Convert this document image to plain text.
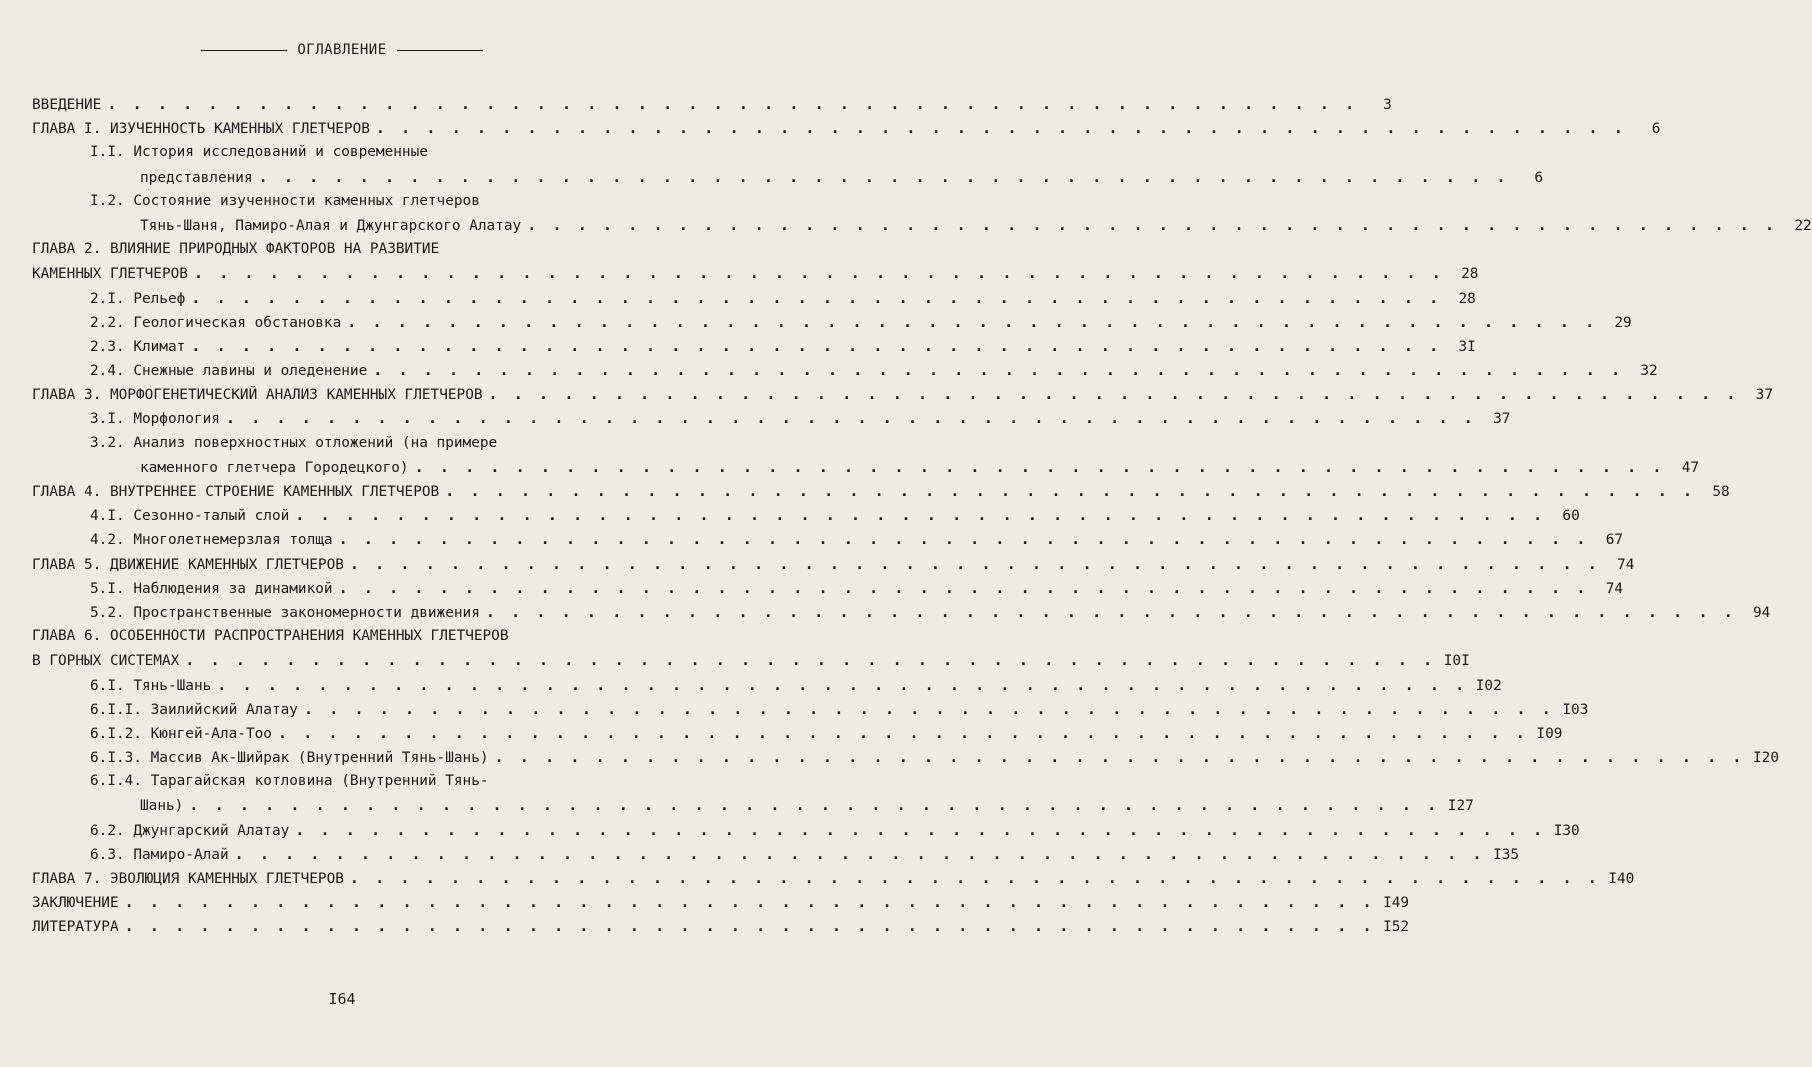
ОГЛАВЛЕНИЕ
ВВЕДЕНИЕ . . . . . . . . . . . . . . . . . . . . . . . . . . . . . . . . . . . . . . . . . . . . . . . . . .	3
ГЛАВА I. ИЗУЧЕННОСТЬ КАМЕННЫХ ГЛЕТЧЕРОВ . . . . . . . . . . . . . . . . . . . . . . . . . . . . . . . . . . . . . . . . . . . . . . . . . .	6
I.I. История исследований и современные
представления . . . . . . . . . . . . . . . . . . . . . . . . . . . . . . . . . . . . . . . . . . . . . . . . . .	6
I.2. Состояние изученности каменных глетчеров
Тянь-Шаня, Памиро-Алая и Джунгарского Алатау . . . . . . . . . . . . . . . . . . . . . . . . . . . . . . . . . . . . . . . . . . . . . . . . . .	22
ГЛАВА 2. ВЛИЯНИЕ ПРИРОДНЫХ ФАКТОРОВ НА РАЗВИТИЕ
КАМЕННЫХ ГЛЕТЧЕРОВ . . . . . . . . . . . . . . . . . . . . . . . . . . . . . . . . . . . . . . . . . . . . . . . . . .	28
2.I. Рельеф . . . . . . . . . . . . . . . . . . . . . . . . . . . . . . . . . . . . . . . . . . . . . . . . . .	28
2.2. Геологическая обстановка . . . . . . . . . . . . . . . . . . . . . . . . . . . . . . . . . . . . . . . . . . . . . . . . . .	29
2.3. Климат . . . . . . . . . . . . . . . . . . . . . . . . . . . . . . . . . . . . . . . . . . . . . . . . . .	3I
2.4. Снежные лавины и оледенение . . . . . . . . . . . . . . . . . . . . . . . . . . . . . . . . . . . . . . . . . . . . . . . . . .	32
ГЛАВА 3. МОРФОГЕНЕТИЧЕСКИЙ АНАЛИЗ КАМЕННЫХ ГЛЕТЧЕРОВ . . . . . . . . . . . . . . . . . . . . . . . . . . . . . . . . . . . . . . . . . . . . . . . . . .	37
3.I. Морфология . . . . . . . . . . . . . . . . . . . . . . . . . . . . . . . . . . . . . . . . . . . . . . . . . .	37
3.2. Анализ поверхностных отложений (на примере
каменного глетчера Городецкого) . . . . . . . . . . . . . . . . . . . . . . . . . . . . . . . . . . . . . . . . . . . . . . . . . .	47
ГЛАВА 4. ВНУТРЕННЕЕ СТРОЕНИЕ КАМЕННЫХ ГЛЕТЧЕРОВ . . . . . . . . . . . . . . . . . . . . . . . . . . . . . . . . . . . . . . . . . . . . . . . . . .	58
4.I. Сезонно-талый слой . . . . . . . . . . . . . . . . . . . . . . . . . . . . . . . . . . . . . . . . . . . . . . . . . .	60
4.2. Многолетнемерзлая толща . . . . . . . . . . . . . . . . . . . . . . . . . . . . . . . . . . . . . . . . . . . . . . . . . .	67
ГЛАВА 5. ДВИЖЕНИЕ КАМЕННЫХ ГЛЕТЧЕРОВ . . . . . . . . . . . . . . . . . . . . . . . . . . . . . . . . . . . . . . . . . . . . . . . . . .	74
5.I. Наблюдения за динамикой . . . . . . . . . . . . . . . . . . . . . . . . . . . . . . . . . . . . . . . . . . . . . . . . . .	74
5.2. Пространственные закономерности движения . . . . . . . . . . . . . . . . . . . . . . . . . . . . . . . . . . . . . . . . . . . . . . . . . .	94
ГЛАВА 6. ОСОБЕННОСТИ РАСПРОСТРАНЕНИЯ КАМЕННЫХ ГЛЕТЧЕРОВ
В ГОРНЫХ СИСТЕМАХ . . . . . . . . . . . . . . . . . . . . . . . . . . . . . . . . . . . . . . . . . . . . . . . . . . I0I
6.I. Тянь-Шань . . . . . . . . . . . . . . . . . . . . . . . . . . . . . . . . . . . . . . . . . . . . . . . . . . I02
6.I.I. Заилийский Алатау . . . . . . . . . . . . . . . . . . . . . . . . . . . . . . . . . . . . . . . . . . . . . . . . . . I03
6.I.2. Кюнгей-Ала-Тоо . . . . . . . . . . . . . . . . . . . . . . . . . . . . . . . . . . . . . . . . . . . . . . . . . . I09
6.I.3. Массив Ак-Шийрак (Внутренний Тянь-Шань) . . . . . . . . . . . . . . . . . . . . . . . . . . . . . . . . . . . . . . . . . . . . . . . . . . I20
6.I.4. Тарагайская котловина (Внутренний Тянь-
Шань) . . . . . . . . . . . . . . . . . . . . . . . . . . . . . . . . . . . . . . . . . . . . . . . . . . I27
6.2. Джунгарский Алатау . . . . . . . . . . . . . . . . . . . . . . . . . . . . . . . . . . . . . . . . . . . . . . . . . . I30
6.3. Памиро-Алай . . . . . . . . . . . . . . . . . . . . . . . . . . . . . . . . . . . . . . . . . . . . . . . . . . I35
ГЛАВА 7. ЭВОЛЮЦИЯ КАМЕННЫХ ГЛЕТЧЕРОВ . . . . . . . . . . . . . . . . . . . . . . . . . . . . . . . . . . . . . . . . . . . . . . . . . . I40
ЗАКЛЮЧЕНИЕ . . . . . . . . . . . . . . . . . . . . . . . . . . . . . . . . . . . . . . . . . . . . . . . . . . I49
ЛИТЕРАТУРА . . . . . . . . . . . . . . . . . . . . . . . . . . . . . . . . . . . . . . . . . . . . . . . . . . I52
I64
